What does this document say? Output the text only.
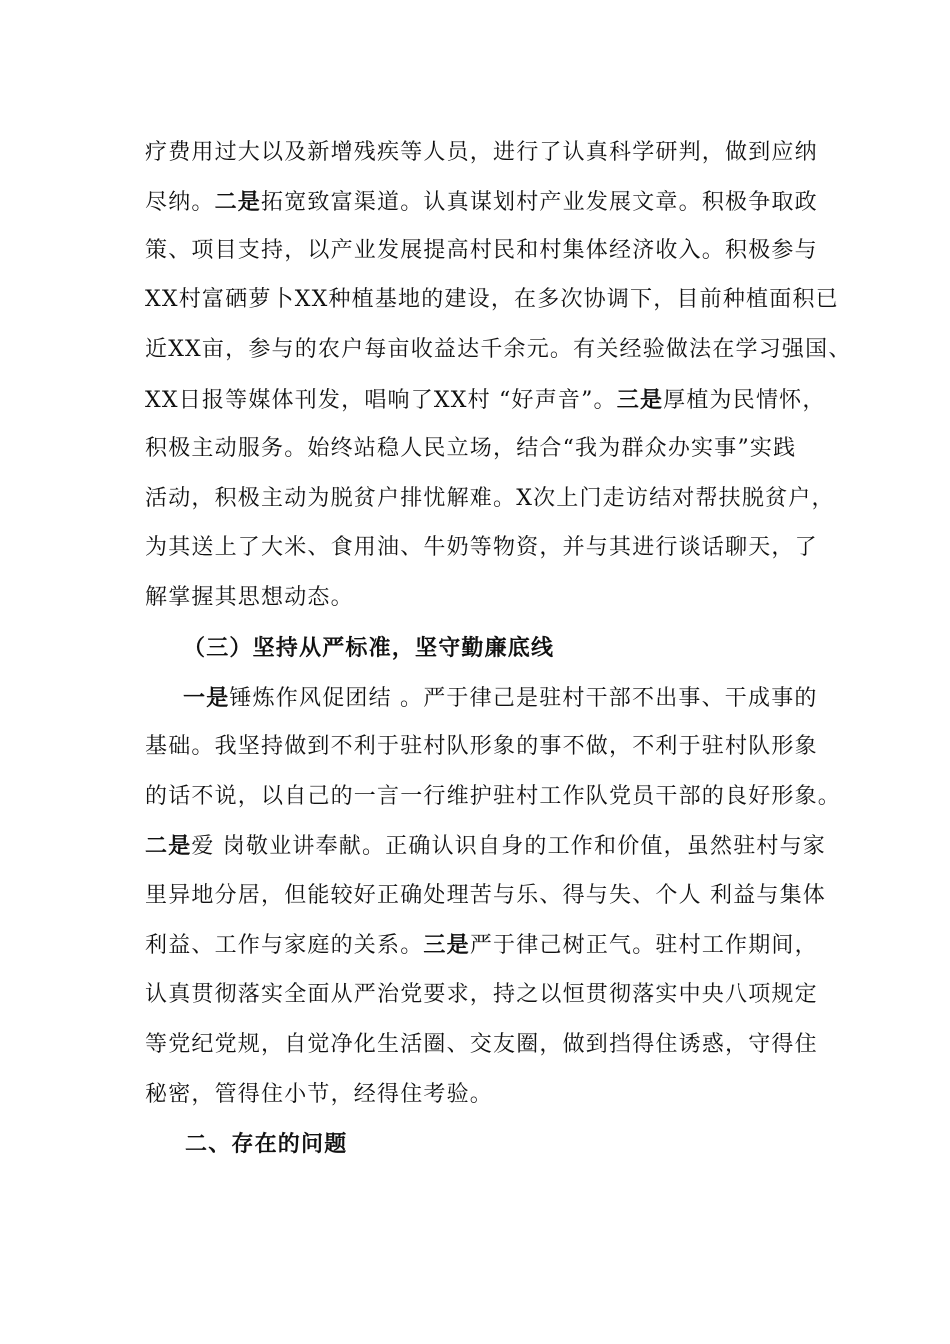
疗费用过大以及新增残疾等人员，进行了认真科学研判，做到应纳
尽纳。二是拓宽致富渠道。认真谋划村产业发展文章。积极争取政
策、项目支持，以产业发展提高村民和村集体经济收入。积极参与
XX村富硒萝卜XX种植基地的建设，在多次协调下，目前种植面积已
近XX亩，参与的农户每亩收益达千余元。有关经验做法在学习强国、
XX日报等媒体刊发，唱响了XX村 “好声音”。三是厚植为民情怀，
积极主动服务。始终站稳人民立场，结合“我为群众办实事”实践
活动，积极主动为脱贫户排忧解难。X次上门走访结对帮扶脱贫户，
为其送上了大米、食用油、牛奶等物资，并与其进行谈话聊天，了
解掌握其思想动态。
（三）坚持从严标准，坚守勤廉底线
一是锤炼作风促团结 。严于律己是驻村干部不出事、干成事的
基础。我坚持做到不利于驻村队形象的事不做，不利于驻村队形象
的话不说，以自己的一言一行维护驻村工作队党员干部的良好形象。
二是爱 岗敬业讲奉献。正确认识自身的工作和价值，虽然驻村与家
里异地分居，但能较好正确处理苦与乐、得与失、个人 利益与集体
利益、工作与家庭的关系。三是严于律己树正气。驻村工作期间，
认真贯彻落实全面从严治党要求，持之以恒贯彻落实中央八项规定
等党纪党规，自觉净化生活圈、交友圈，做到挡得住诱惑，守得住
秘密，管得住小节，经得住考验。
二、存在的问题
